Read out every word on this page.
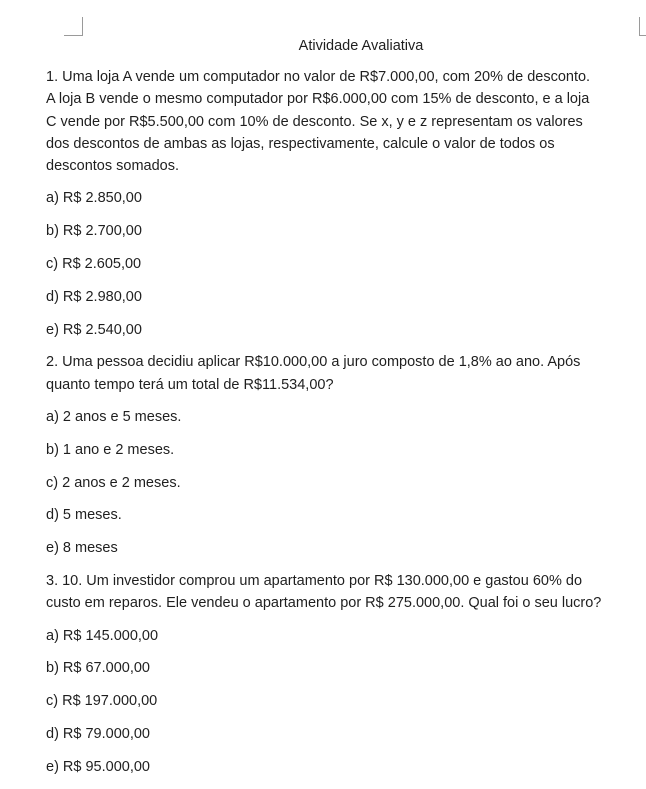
Atividade Avaliativa
1. Uma loja A vende um computador no valor de R$7.000,00, com 20% de desconto.
A loja B vende o mesmo computador por R$6.000,00 com 15% de desconto, e a loja
C vende por R$5.500,00 com 10% de desconto. Se x, y e z representam os valores
dos descontos de ambas as lojas, respectivamente, calcule o valor de todos os
descontos somados.
a) R$ 2.850,00
b) R$ 2.700,00
c) R$ 2.605,00
d) R$ 2.980,00
e) R$ 2.540,00
2. Uma pessoa decidiu aplicar R$10.000,00 a juro composto de 1,8% ao ano. Após
quanto tempo terá um total de R$11.534,00?
a) 2 anos e 5 meses.
b) 1 ano e 2 meses.
c) 2 anos e 2 meses.
d) 5 meses.
e) 8 meses
3. 10. Um investidor comprou um apartamento por R$ 130.000,00 e gastou 60% do
custo em reparos. Ele vendeu o apartamento por R$ 275.000,00. Qual foi o seu lucro?
a) R$ 145.000,00
b) R$ 67.000,00
c) R$ 197.000,00
d) R$ 79.000,00
e) R$ 95.000,00
